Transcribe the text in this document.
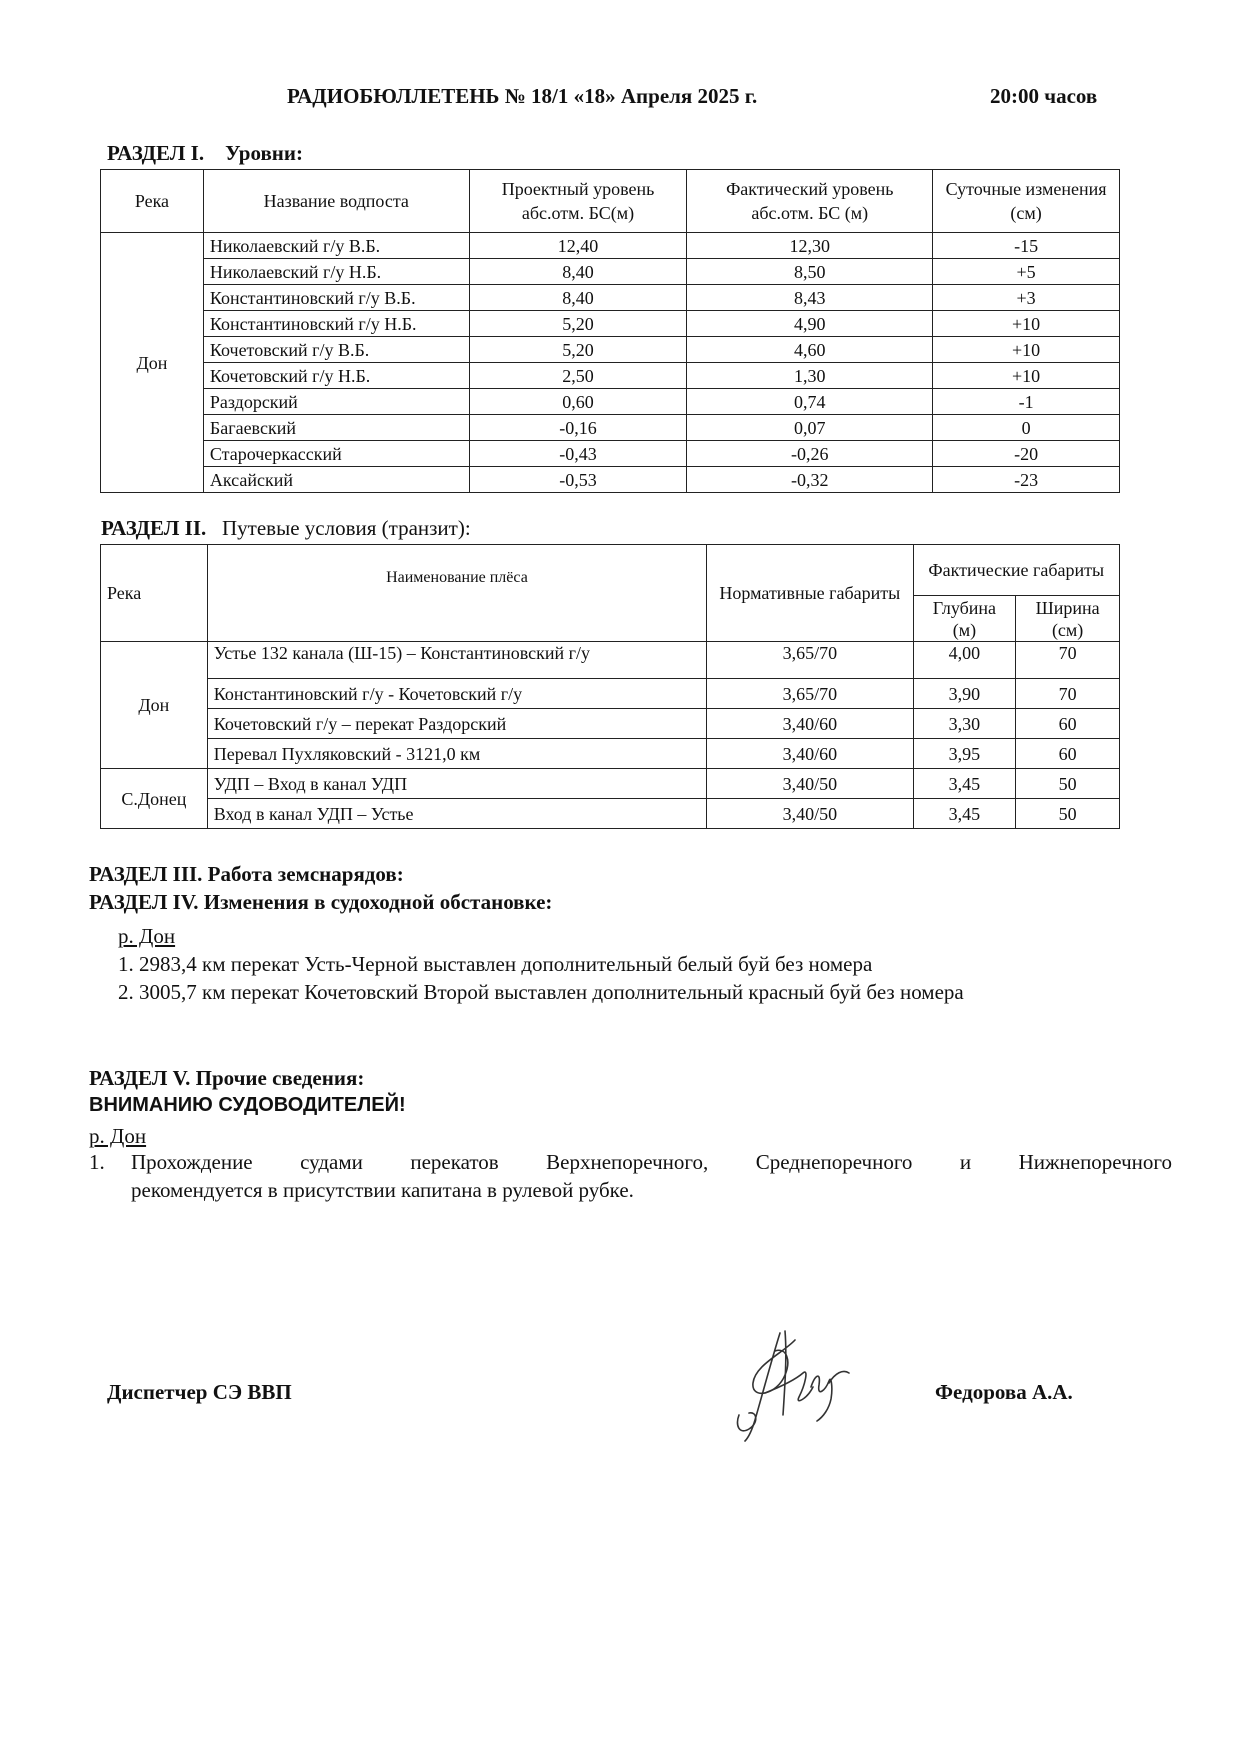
РАДИОБЮЛЛЕТЕНЬ № 18/1 «18» Апреля 2025 г.	20:00 часов
РАЗДЕЛ I. Уровни:
Река	Название водпоста	Проектный уровень абс.отм. БС(м)	Фактический уровень абс.отм. БС (м)	Суточные изменения (см)
Дон	Николаевский г/у В.Б.	12,40	12,30	-15
	Николаевский г/у Н.Б.	8,40	8,50	+5
	Константиновский г/у В.Б.	8,40	8,43	+3
	Константиновский г/у Н.Б.	5,20	4,90	+10
	Кочетовский г/у В.Б.	5,20	4,60	+10
	Кочетовский г/у Н.Б.	2,50	1,30	+10
	Раздорский	0,60	0,74	-1
	Багаевский	-0,16	0,07	0
	Старочеркасский	-0,43	-0,26	-20
	Аксайский	-0,53	-0,32	-23
РАЗДЕЛ II. Путевые условия (транзит):
Река	Наименование плёса	Нормативные габариты	Фактические габариты	
			Глубина (м)	Ширина (см)
Дон	Устье 132 канала (Ш-15) – Константиновский г/у	3,65/70	4,00	70
	Константиновский г/у - Кочетовский г/у	3,65/70	3,90	70
	Кочетовский г/у – перекат Раздорский	3,40/60	3,30	60
	Перевал Пухляковский - 3121,0 км	3,40/60	3,95	60
С.Донец	УДП – Вход в канал УДП	3,40/50	3,45	50
	Вход в канал УДП – Устье	3,40/50	3,45	50
РАЗДЕЛ III. Работа земснарядов:
РАЗДЕЛ IV. Изменения в судоходной обстановке:
р. Дон
1. 2983,4 км перекат Усть-Черной выставлен дополнительный белый буй без номера
2. 3005,7 км перекат Кочетовский Второй выставлен дополнительный красный буй без номера
РАЗДЕЛ V. Прочие сведения:
ВНИМАНИЮ СУДОВОДИТЕЛЕЙ!
р. Дон
1. Прохождение судами перекатов Верхнепоречного, Среднепоречного и Нижнепоречного
рекомендуется в присутствии капитана в рулевой рубке.
Диспетчер СЭ ВВП	Федорова А.А.
